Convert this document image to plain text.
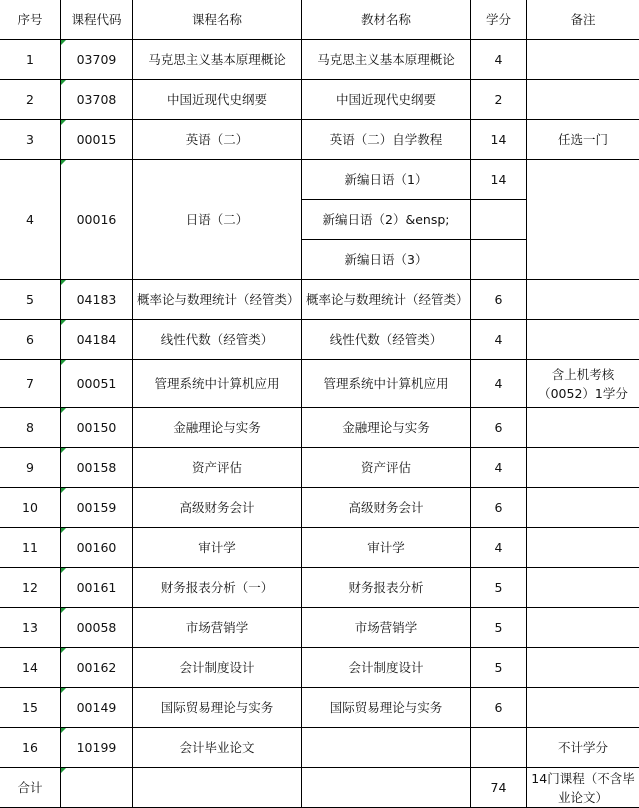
序号	课程代码	课程名称	教材名称	学分	备注
1	03709	马克思主义基本原理概论	马克思主义基本原理概论	4	
2	03708	中国近现代史纲要	中国近现代史纲要	2	
3	00015	英语（二）	英语（二）自学教程	14	任选一门
4	00016	日语（二）	新编日语（1）	14	
			新编日语（2）&ensp;		
			新编日语（3）		
5	04183	概率论与数理统计（经管类）	概率论与数理统计（经管类）	6	
6	04184	线性代数（经管类）	线性代数（经管类）	4	
7	00051	管理系统中计算机应用	管理系统中计算机应用	4	含上机考核（0052）1学分
8	00150	金融理论与实务	金融理论与实务	6	
9	00158	资产评估	资产评估	4	
10	00159	高级财务会计	高级财务会计	6	
11	00160	审计学	审计学	4	
12	00161	财务报表分析（一）	财务报表分析	5	
13	00058	市场营销学	市场营销学	5	
14	00162	会计制度设计	会计制度设计	5	
15	00149	国际贸易理论与实务	国际贸易理论与实务	6	
16	10199	会计毕业论文			不计学分
合计				74	14门课程（不含毕业论文）
